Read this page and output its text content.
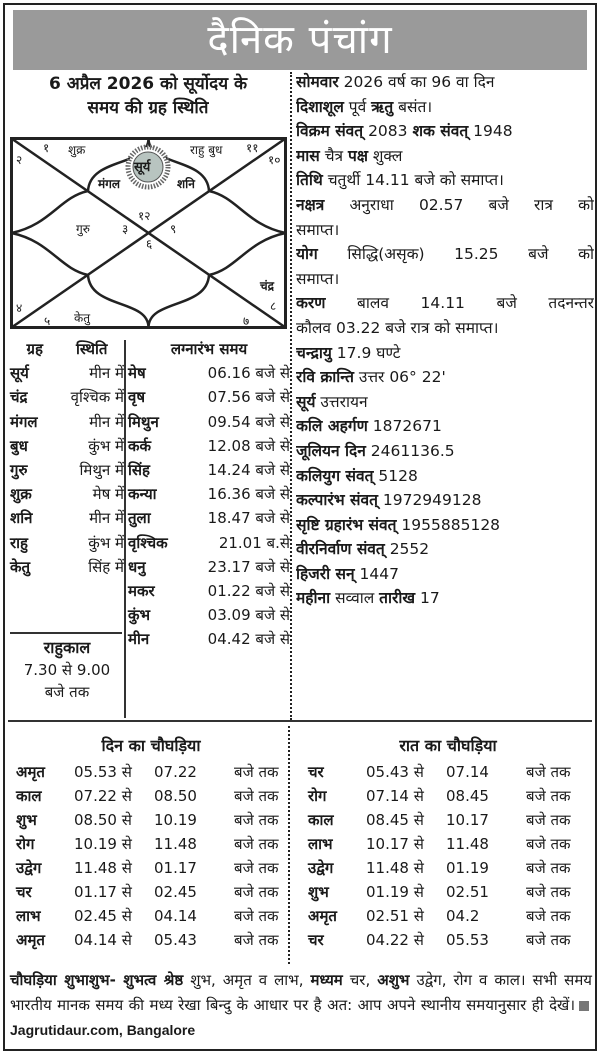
दैनिक पंचांग
6 अप्रैल 2026 को सूर्योदय के
समय की ग्रह स्थिति
१
२
३
४
५
६
७
८
९
१०
११
१२
शुक्र	राहु बुध
मंगल
सूर्य
शनि
गुरु
चंद्र
केतु
सोमवार 2026 वर्ष का 96 वा दिन
दिशाशूल पूर्व ऋतु बसंत।
विक्रम संवत् 2083 शक संवत् 1948
मास चैत्र पक्ष शुक्ल
तिथि चतुर्थी 14.11 बजे को समाप्त।
नक्षत्र अनुराधा 02.57 बजे रात्र को
समाप्त।
योग सिद्धि(असृक) 15.25 बजे को
समाप्त।
करण बालव 14.11 बजे तदनन्तर
कौलव 03.22 बजे रात्र को समाप्त।
चन्द्रायु 17.9 घण्टे
रवि क्रान्ति उत्तर 06° 22'
सूर्य उत्तरायन
कलि अहर्गण 1872671
जूलियन दिन 2461136.5
कलियुग संवत् 5128
कल्पारंभ संवत् 1972949128
सृष्टि ग्रहारंभ संवत् 1955885128
वीरनिर्वाण संवत् 2552
हिजरी सन् 1447
महीना सव्वाल तारीख 17
ग्रह स्थिति
सूर्य	मीन में
चंद्र	वृश्चिक में
मंगल	मीन में
बुध	कुंभ में
गुरु	मिथुन में
शुक्र	मेष में
शनि	मीन में
राहु	कुंभ में
केतु	सिंह में
राहुकाल
7.30 से 9.00
बजे तक
लग्नारंभ समय
मेष	06.16 बजे से
वृष	07.56 बजे से
मिथुन	09.54 बजे से
कर्क	12.08 बजे से
सिंह	14.24 बजे से
कन्या	16.36 बजे से
तुला	18.47 बजे से
वृश्चिक	21.01 ब.से
धनु	23.17 बजे से
मकर	01.22 बजे से
कुंभ	03.09 बजे से
मीन	04.42 बजे से
दिन का चौघड़िया
अमृत	05.53 से	07.22	बजे तक
काल	07.22 से	08.50	बजे तक
शुभ	08.50 से	10.19	बजे तक
रोग	10.19 से	11.48	बजे तक
उद्वेग	11.48 से	01.17	बजे तक
चर	01.17 से	02.45	बजे तक
लाभ	02.45 से	04.14	बजे तक
अमृत	04.14 से	05.43	बजे तक
रात का चौघड़िया
चर	05.43 से	07.14	बजे तक
रोग	07.14 से	08.45	बजे तक
काल	08.45 से	10.17	बजे तक
लाभ	10.17 से	11.48	बजे तक
उद्वेग	11.48 से	01.19	बजे तक
शुभ	01.19 से	02.51	बजे तक
अमृत	02.51 से	04.2	बजे तक
चर	04.22 से	05.53	बजे तक
चौघड़िया शुभाशुभ- शुभत्व श्रेष्ठ शुभ, अमृत व लाभ, मध्यम चर, अशुभ उद्वेग, रोग व काल। सभी समय भारतीय मानक समय की मध्य रेखा बिन्दु के आधार पर है अत: आप अपने स्थानीय समयानुसार ही देखें।Jagrutidaur.com, Bangalore
